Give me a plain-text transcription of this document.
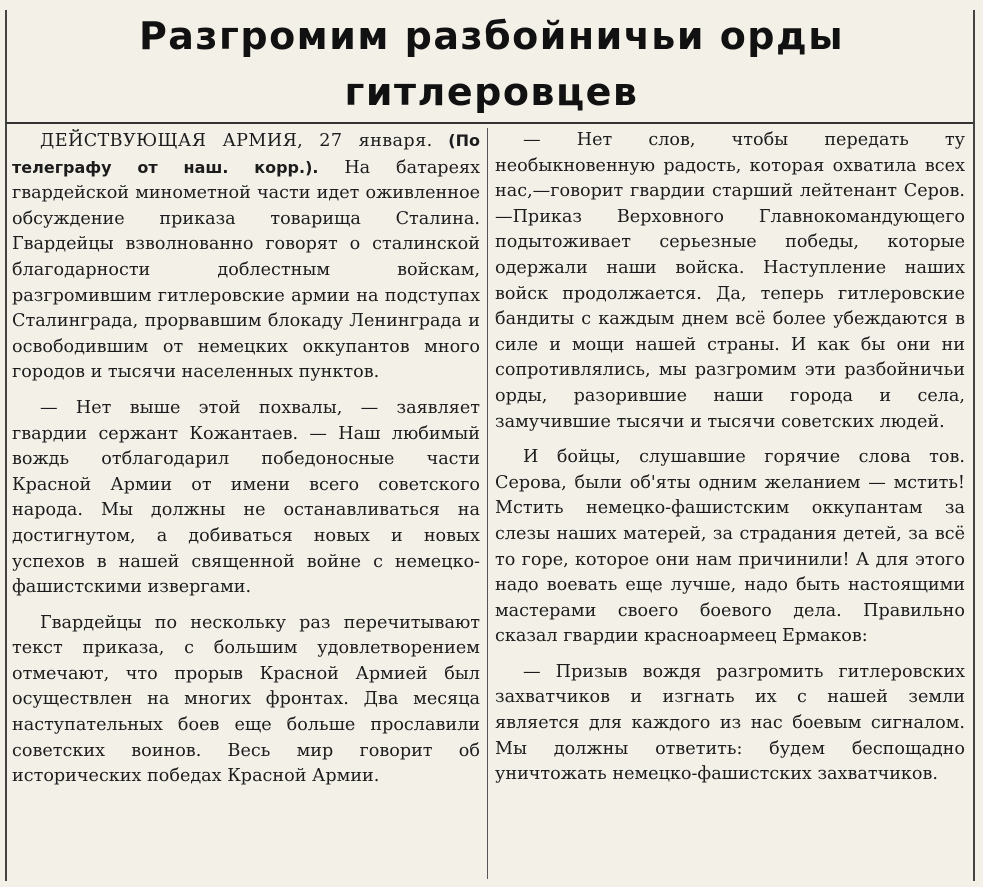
Разгромим разбойничьи орды
гитлеровцев

ДЕЙСТВУЮЩАЯ АРМИЯ, 27 января. (По телеграфу от наш. корр.). На батареях гвардейской минометной части идет оживленное обсуждение приказа товарища Сталина. Гвардейцы взволнованно говорят о сталинской благодарности доблестным войскам, разгромившим гитлеровские армии на подступах Сталинграда, прорвавшим блокаду Ленинграда и освободившим от немецких оккупантов много городов и тысячи населенных пунктов.

— Нет выше этой похвалы, — заявляет гвардии сержант Кожантаев. — Наш любимый вождь отблагодарил победоносные части Красной Армии от имени всего советского народа. Мы должны не останавливаться на достигнутом, а добиваться новых и новых успехов в нашей священной войне с немецко-фашистскими извергами.

Гвардейцы по нескольку раз перечитывают текст приказа, с большим удовлетворением отмечают, что прорыв Красной Армией был осуществлен на многих фронтах. Два месяца наступательных боев еще больше прославили советских воинов. Весь мир говорит об исторических победах Красной Армии.

— Нет слов, чтобы передать ту необыкновенную радость, которая охватила всех нас,—говорит гвардии старший лейтенант Серов.—Приказ Верховного Главнокомандующего подытоживает серьезные победы, которые одержали наши войска. Наступление наших войск продолжается. Да, теперь гитлеровские бандиты с каждым днем всё более убеждаются в силе и мощи нашей страны. И как бы они ни сопротивлялись, мы разгромим эти разбойничьи орды, разорившие наши города и села, замучившие тысячи и тысячи советских людей.

И бойцы, слушавшие горячие слова тов. Серова, были об'яты одним желанием — мстить! Мстить немецко-фашистским оккупантам за слезы наших матерей, за страдания детей, за всё то горе, которое они нам причинили! А для этого надо воевать еще лучше, надо быть настоящими мастерами своего боевого дела. Правильно сказал гвардии красноармеец Ермаков:

— Призыв вождя разгромить гитлеровских захватчиков и изгнать их с нашей земли является для каждого из нас боевым сигналом. Мы должны ответить: будем беспощадно уничтожать немецко-фашистских захватчиков.
